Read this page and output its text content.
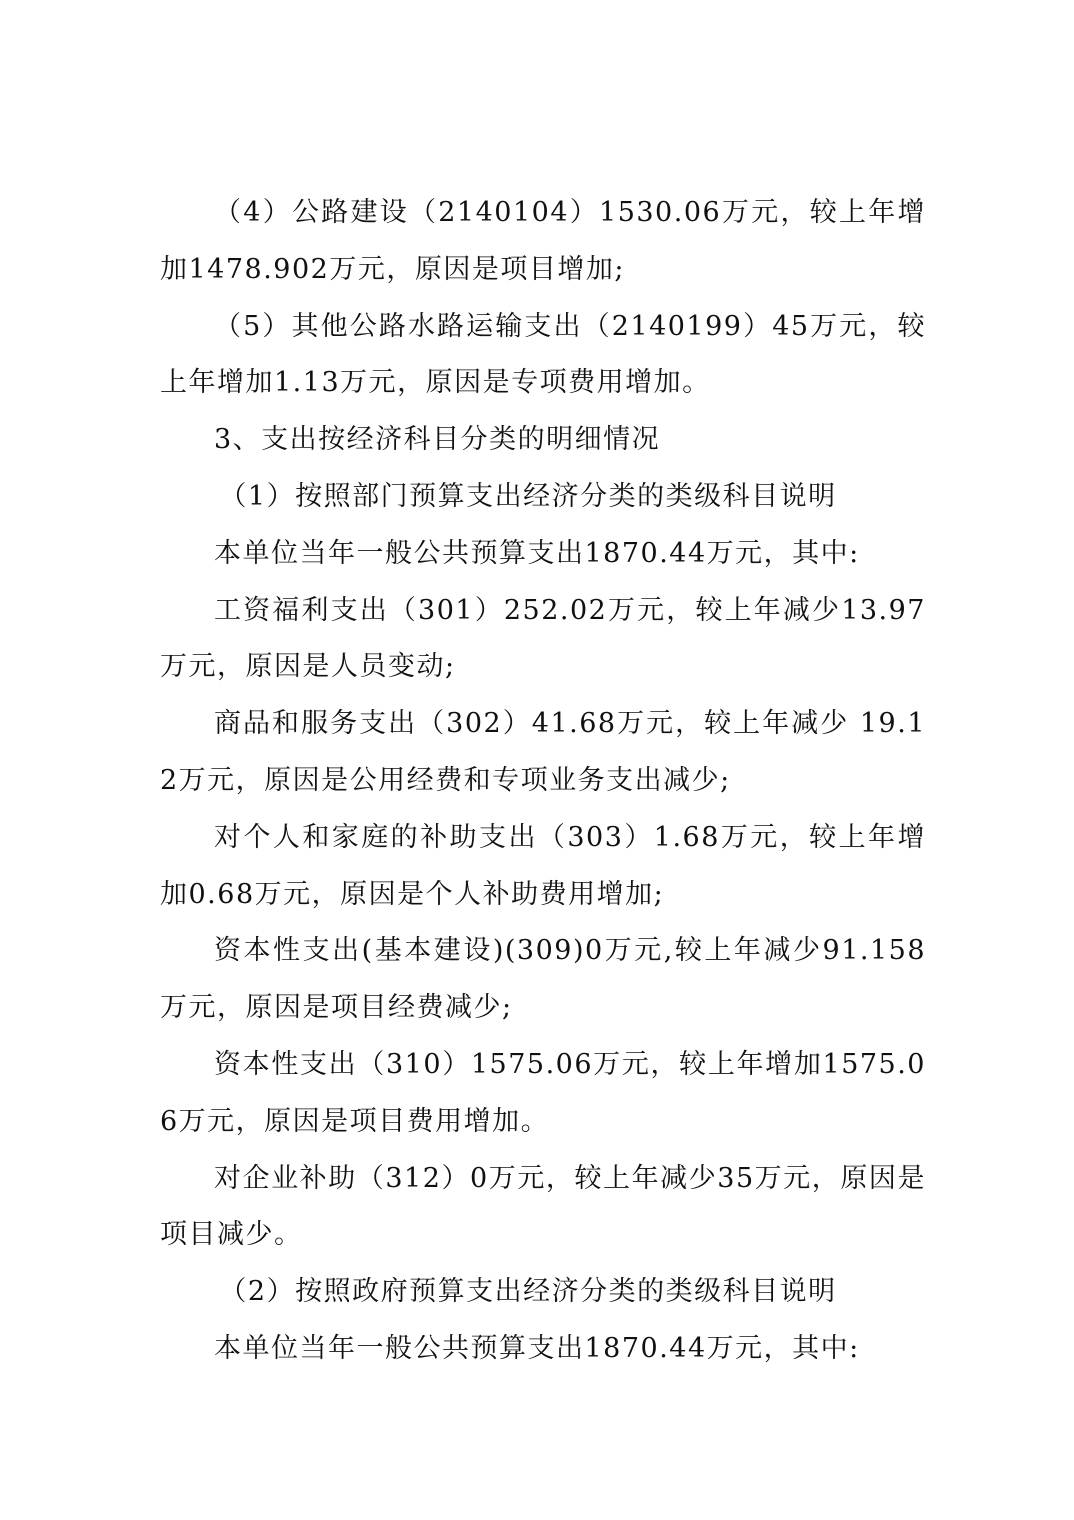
（4）公路建设（2140104）1530.06万元，较上年增加1478.902万元，原因是项目增加;

（5）其他公路水路运输支出（2140199）45万元，较上年增加1.13万元，原因是专项费用增加。

3、支出按经济科目分类的明细情况

（1）按照部门预算支出经济分类的类级科目说明

本单位当年一般公共预算支出1870.44万元，其中:

工资福利支出（301）252.02万元，较上年减少13.97万元，原因是人员变动;

商品和服务支出（302）41.68万元，较上年减少 19.12万元，原因是公用经费和专项业务支出减少;

对个人和家庭的补助支出（303）1.68万元，较上年增加0.68万元，原因是个人补助费用增加;

资本性支出(基本建设)(309)0万元,较上年减少91.158万元，原因是项目经费减少;

资本性支出（310）1575.06万元，较上年增加1575.06万元，原因是项目费用增加。

对企业补助（312）0万元，较上年减少35万元，原因是项目减少。

（2）按照政府预算支出经济分类的类级科目说明

本单位当年一般公共预算支出1870.44万元，其中:
